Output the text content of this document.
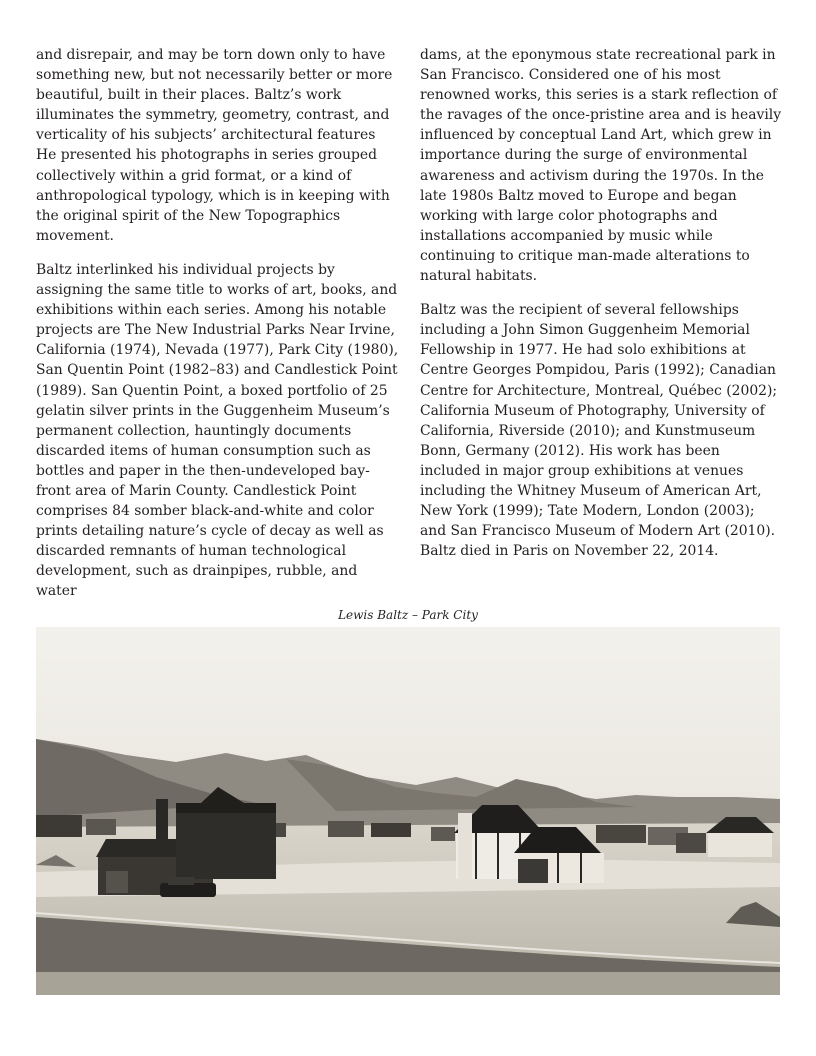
and disrepair, and may be torn down only to have something new, but not necessarily better or more beautiful, built in their places. Baltz’s work illuminates the symmetry, geometry, contrast, and verticality of his subjects’ architectural features He presented his photographs in series grouped collectively within a grid format, or a kind of anthropological typology, which is in keeping with the original spirit of the New Topographics movement.

Baltz interlinked his individual projects by assigning the same title to works of art, books, and exhibitions within each series. Among his notable projects are The New Industrial Parks Near Irvine, California (1974), Nevada (1977), Park City (1980), San Quentin Point (1982–83) and Candlestick Point (1989). San Quentin Point, a boxed portfolio of 25 gelatin silver prints in the Guggenheim Museum’s permanent collection, hauntingly documents discarded items of human consumption such as bottles and paper in the then-undeveloped bay-front area of Marin County. Candlestick Point comprises 84 somber black-and-white and color prints detailing nature’s cycle of decay as well as discarded remnants of human technological development, such as drainpipes, rubble, and water

dams, at the eponymous state recreational park in San Francisco. Considered one of his most renowned works, this series is a stark reflection of the ravages of the once-pristine area and is heavily influenced by conceptual Land Art, which grew in importance during the surge of environmental awareness and activism during the 1970s. In the late 1980s Baltz moved to Europe and began working with large color photographs and installations accompanied by music while continuing to critique man-made alterations to natural habitats.

Baltz was the recipient of several fellowships including a John Simon Guggenheim Memorial Fellowship in 1977. He had solo exhibitions at Centre Georges Pompidou, Paris (1992); Canadian Centre for Architecture, Montreal, Québec (2002); California Museum of Photography, University of California, Riverside (2010); and Kunstmuseum Bonn, Germany (2012). His work has been included in major group exhibitions at venues including the Whitney Museum of American Art, New York (1999); Tate Modern, London (2003); and San Francisco Museum of Modern Art (2010). Baltz died in Paris on November 22, 2014.

Lewis Baltz – Park City
